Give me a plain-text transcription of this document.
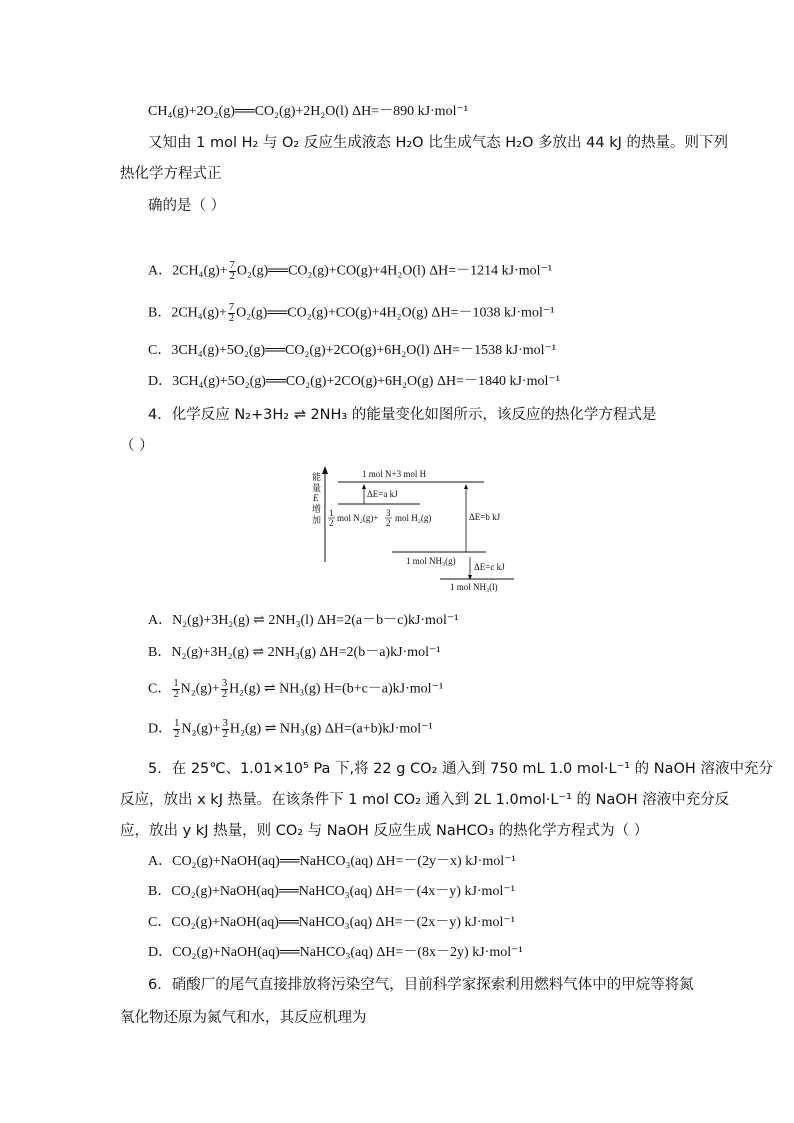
CH₄(g)+2O₂(g)══CO₂(g)+2H₂O(l) ΔH=－890 kJ·mol⁻¹
又知由 1 mol H₂ 与 O₂ 反应生成液态 H₂O 比生成气态 H₂O 多放出 44 kJ 的热量。则下列
热化学方程式正
确的是（ ）
A．$2CH_4(g)+ \frac{7}{2}$ O₂(g)══CO₂(g)+CO(g)+4H₂O(l) ΔH=－1214 kJ·mol⁻¹
B．$2CH_4(g)+ \frac{7}{2}$ O₂(g)══CO₂(g)+CO(g)+4H₂O(g) ΔH=－1038 kJ·mol⁻¹
C．3CH₄(g)+5O₂(g)══CO₂(g)+2CO(g)+6H₂O(l) ΔH=－1538 kJ·mol⁻¹
D．3CH₄(g)+5O₂(g)══CO₂(g)+2CO(g)+6H₂O(g) ΔH=－1840 kJ·mol⁻¹
4．化学反应 N₂+3H₂ ⇌ 2NH₃ 的能量变化如图所示，该反应的热化学方程式是
（ ）
能
量
E
增
加
1 mol N+3 mol H
ΔE=a kJ
1
2 mol N₂(g)+ 3
2 mol H₂(g)	ΔE=b kJ
1 mol NH₃(g)
ΔE=c kJ
1 mol NH₃(l)
A．N₂(g)+3H₂(g) ⇌ 2NH₃(l) ΔH=2(a－b－c)kJ·mol⁻¹
B．N₂(g)+3H₂(g) ⇌ 2NH₃(g) ΔH=2(b－a)kJ·mol⁻¹
C． $\frac{1}{2} N_2(g)+ \frac{3}{2} H_2(g)$ ⇌ NH₃(g) H=(b+c－a)kJ·mol⁻¹
D． $\frac{1}{2} N_2(g)+ \frac{3}{2} H_2(g)$ ⇌ NH₃(g) ΔH=(a+b)kJ·mol⁻¹
5．在 25℃、1.01×10⁵ Pa 下,将 22 g CO₂ 通入到 750 mL 1.0 mol·L⁻¹ 的 NaOH 溶液中充分
反应，放出 x kJ 热量。在该条件下 1 mol CO₂ 通入到 2L 1.0mol·L⁻¹ 的 NaOH 溶液中充分反
应，放出 y kJ 热量，则 CO₂ 与 NaOH 反应生成 NaHCO₃ 的热化学方程式为（ ）
A．CO₂(g)+NaOH(aq)══NaHCO₃(aq) ΔH=－(2y－x) kJ·mol⁻¹
B．CO₂(g)+NaOH(aq)══NaHCO₃(aq) ΔH=－(4x－y) kJ·mol⁻¹
C．CO₂(g)+NaOH(aq)══NaHCO₃(aq) ΔH=－(2x－y) kJ·mol⁻¹
D．CO₂(g)+NaOH(aq)══NaHCO₃(aq) ΔH=－(8x－2y) kJ·mol⁻¹
6．硝酸厂的尾气直接排放将污染空气，目前科学家探索利用燃料气体中的甲烷等将氮
氧化物还原为氮气和水，其反应机理为
